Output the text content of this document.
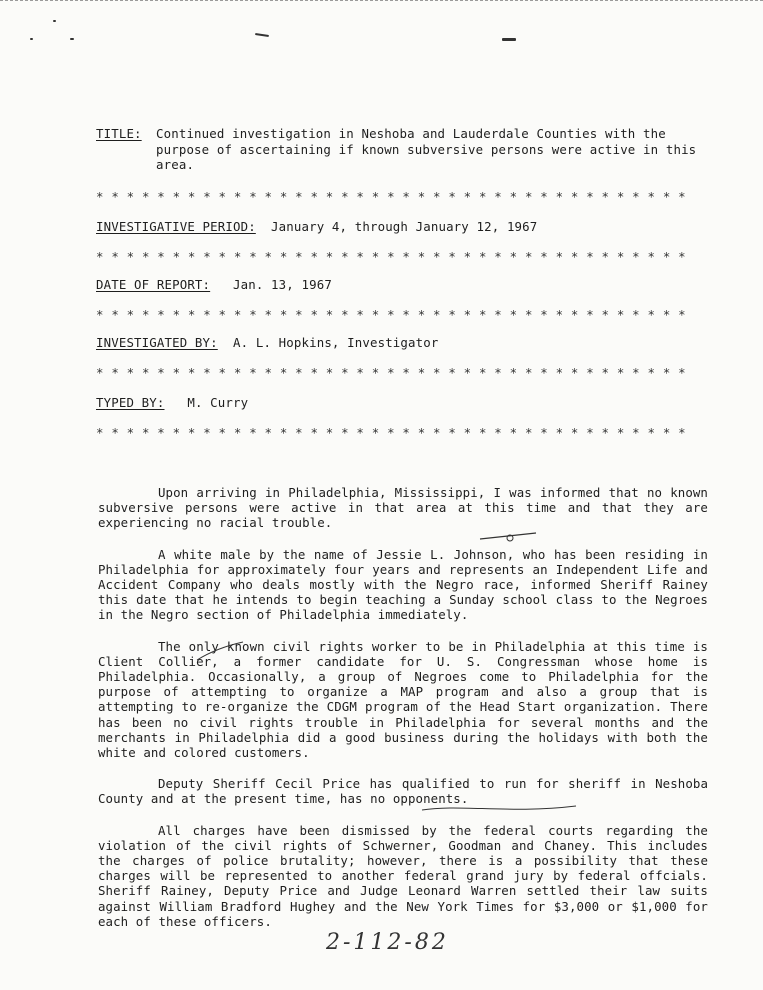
TITLE:	Continued investigation in Neshoba and Lauderdale Counties with the purpose of ascertaining if known subversive persons were active in this area.
* * * * * * * * * * * * * * * * * * * * * * * * * * * * * * * * * * * * * * *
INVESTIGATIVE PERIOD: January 4, through January 12, 1967
* * * * * * * * * * * * * * * * * * * * * * * * * * * * * * * * * * * * * * *
DATE OF REPORT: Jan. 13, 1967
* * * * * * * * * * * * * * * * * * * * * * * * * * * * * * * * * * * * * * *
INVESTIGATED BY: A. L. Hopkins, Investigator
* * * * * * * * * * * * * * * * * * * * * * * * * * * * * * * * * * * * * * *
TYPED BY: M. Curry
* * * * * * * * * * * * * * * * * * * * * * * * * * * * * * * * * * * * * * *

Upon arriving in Philadelphia, Mississippi, I was informed that no known subversive persons were active in that area at this time and that they are experiencing no racial trouble.

A white male by the name of Jessie L. Johnson, who has been residing in Philadelphia for approximately four years and represents an Independent Life and Accident Company who deals mostly with the Negro race, informed Sheriff Rainey this date that he intends to begin teaching a Sunday school class to the Negroes in the Negro section of Philadelphia immediately.

The only known civil rights worker to be in Philadelphia at this time is Client Collier, a former candidate for U. S. Congressman whose home is Philadelphia. Occasionally, a group of Negroes come to Philadelphia for the purpose of attempting to organize a MAP program and also a group that is attempting to re-organize the CDGM program of the Head Start organization. There has been no civil rights trouble in Philadelphia for several months and the merchants in Philadelphia did a good business during the holidays with both the white and colored customers.

Deputy Sheriff Cecil Price has qualified to run for sheriff in Neshoba County and at the present time, has no opponents.

All charges have been dismissed by the federal courts regarding the violation of the civil rights of Schwerner, Goodman and Chaney. This includes the charges of police brutality; however, there is a possibility that these charges will be represented to another federal grand jury by federal offcials. Sheriff Rainey, Deputy Price and Judge Leonard Warren settled their law suits against William Bradford Hughey and the New York Times for $3,000 or $1,000 for each of these officers.

2-112-82
